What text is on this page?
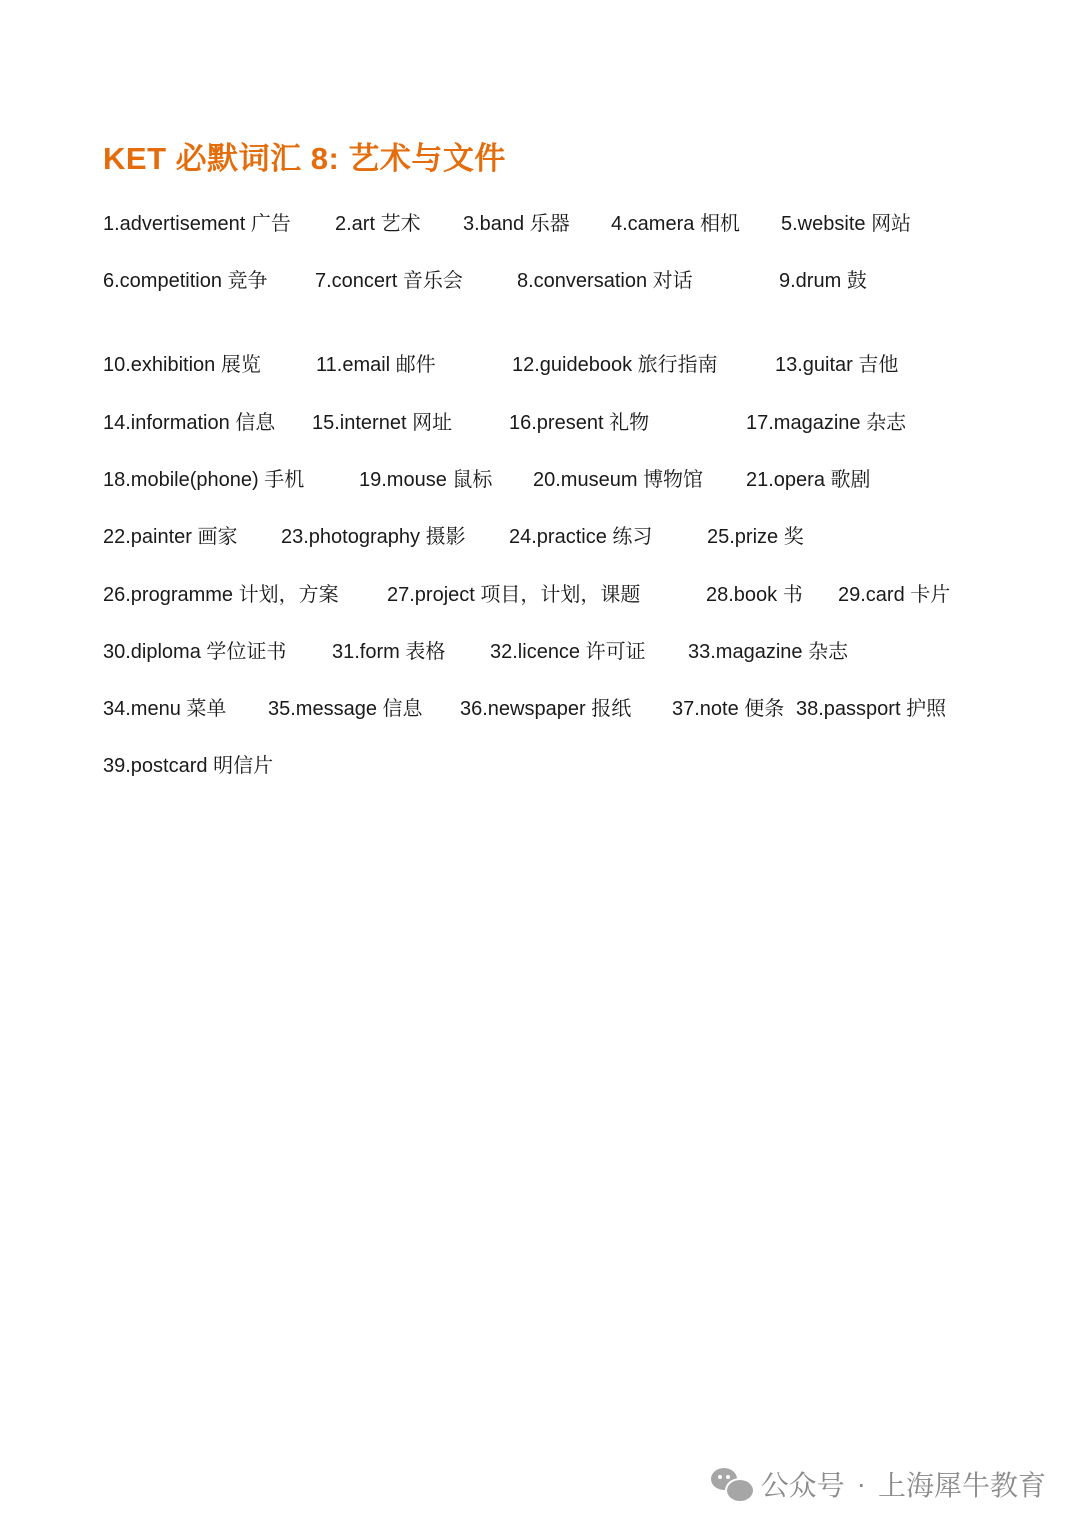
KET 必默词汇 8: 艺术与文件
1.advertisement 广告 2.art 艺术 3.band 乐器 4.camera 相机 5.website 网站
6.competition 竞争 7.concert 音乐会	8.conversation 对话	9.drum 鼓
10.exhibition 展览	11.email 邮件	12.guidebook 旅行指南	13.guitar 吉他
14.information 信息 15.internet 网址	16.present 礼物	17.magazine 杂志
18.mobile(phone) 手机	19.mouse 鼠标 20.museum 博物馆 21.opera 歌剧
22.painter 画家 23.photography 摄影 24.practice 练习	25.prize 奖
26.programme 计划，方案 27.project 项目，计划，课题	28.book 书 29.card 卡片
30.diploma 学位证书 31.form 表格 32.licence 许可证 33.magazine 杂志
34.menu 菜单 35.message 信息 36.newspaper 报纸 37.note 便条 38.passport 护照
39.postcard 明信片
公众号 · 上海犀牛教育
